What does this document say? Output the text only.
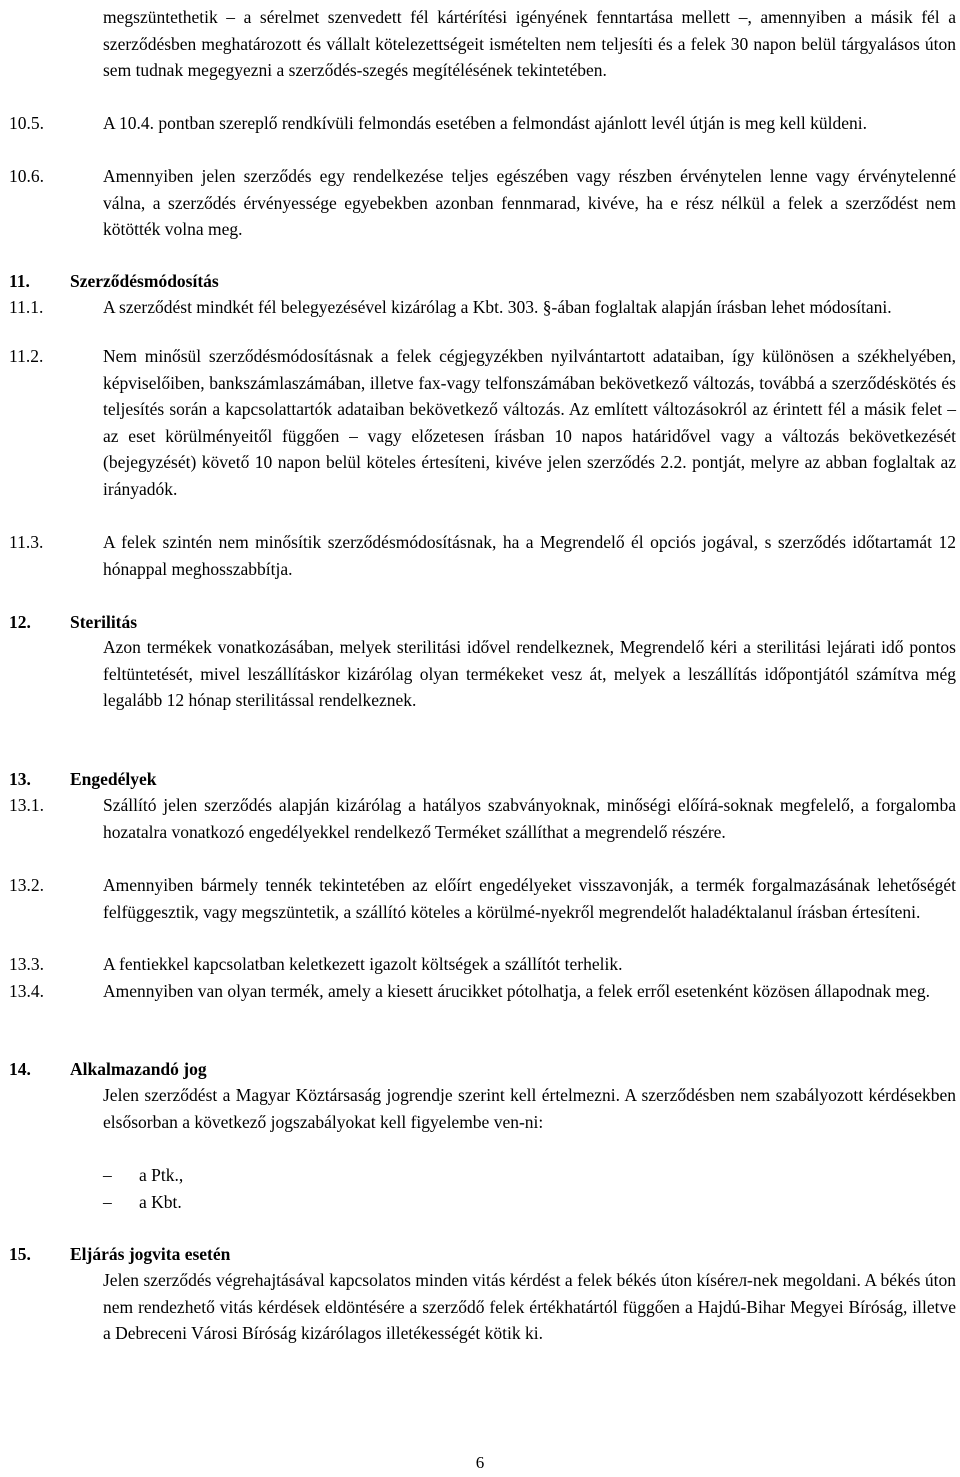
megszüntethetik – a sérelmet szenvedett fél kártérítési igényének fenntartása mellett –, amennyiben a másik fél a szerződésben meghatározott és vállalt kötelezettségeit ismételten nem teljesíti és a felek 30 napon belül tárgyalásos úton sem tudnak megegyezni a szerződés-szegés megítélésének tekintetében.
10.5.	A 10.4. pontban szereplő rendkívüli felmondás esetében a felmondást ajánlott levél útján is meg kell küldeni.
10.6.	Amennyiben jelen szerződés egy rendelkezése teljes egészében vagy részben érvénytelen lenne vagy érvénytelenné válna, a szerződés érvényessége egyebekben azonban fennmarad, kivéve, ha e rész nélkül a felek a szerződést nem kötötték volna meg.
11. Szerződésmódosítás
11.1.	A szerződést mindkét fél belegyezésével kizárólag a Kbt. 303. §-ában foglaltak alapján írásban lehet módosítani.
11.2.	Nem minősül szerződésmódosításnak a felek cégjegyzékben nyilvántartott adataiban, így különösen a székhelyében, képviselőiben, bankszámlaszámában, illetve fax-vagy telfonszámában bekövetkező változás, továbbá a szerződéskötés és teljesítés során a kapcsolattartók adataiban bekövetkező változás. Az említett változásokról az érintett fél a másik felet – az eset körülményeitől függően – vagy előzetesen írásban 10 napos határidővel vagy a változás bekövetkezését (bejegyzését) követő 10 napon belül köteles értesíteni, kivéve jelen szerződés 2.2. pontját, melyre az abban foglaltak az irányadók.
11.3.	A felek szintén nem minősítik szerződésmódosításnak, ha a Megrendelő él opciós jogával, s szerződés időtartamát 12 hónappal meghosszabbítja.
12. Sterilitás
Azon termékek vonatkozásában, melyek sterilitási idővel rendelkeznek, Megrendelő kéri a sterilitási lejárati idő pontos feltüntetését, mivel leszállításkor kizárólag olyan termékeket vesz át, melyek a leszállítás időpontjától számítva még legalább 12 hónap sterilitással rendelkeznek.
13. Engedélyek
13.1.	Szállító jelen szerződés alapján kizárólag a hatályos szabványoknak, minőségi előírá-soknak megfelelő, a forgalomba hozatalra vonatkozó engedélyekkel rendelkező Terméket szállíthat a megrendelő részére.
13.2.	Amennyiben bármely tennék tekintetében az előírt engedélyeket visszavonják, a termék forgalmazásának lehetőségét felfüggesztik, vagy megszüntetik, a szállító köteles a körülmé-nyekről megrendelőt haladéktalanul írásban értesíteni.
13.3.	A fentiekkel kapcsolatban keletkezett igazolt költségek a szállítót terhelik.
13.4.	Amennyiben van olyan termék, amely a kiesett árucikket pótolhatja, a felek erről esetenként közösen állapodnak meg.
14. Alkalmazandó jog
Jelen szerződést a Magyar Köztársaság jogrendje szerint kell értelmezni. A szerződésben nem szabályozott kérdésekben elsősorban a következő jogszabályokat kell figyelembe ven-ni:
– a Ptk.,
– a Kbt.
15. Eljárás jogvita esetén
Jelen szerződés végrehajtásával kapcsolatos minden vitás kérdést a felek békés úton kíséreл-nek megoldani. A békés úton nem rendezhető vitás kérdések eldöntésére a szerződő felek értékhatártól függően a Hajdú-Bihar Megyei Bíróság, illetve a Debreceni Városi Bíróság kizárólagos illetékességét kötik ki.
6
